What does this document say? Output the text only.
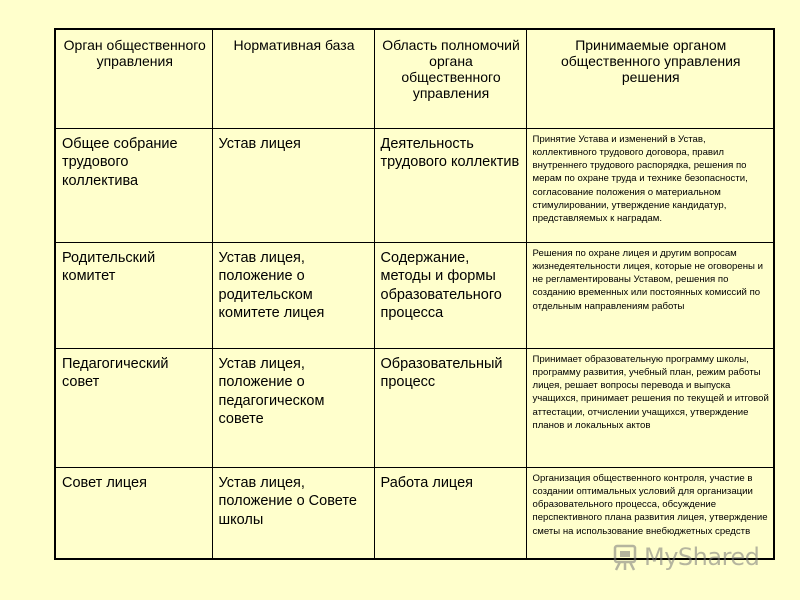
Орган общественного управления	Нормативная база	Область полномочий органа общественного управления	Принимаемые органом общественного управления решения
Общее собрание трудового коллектива	Устав лицея	Деятельность трудового коллектив	Принятие Устава и изменений в Устав, коллективного трудового договора, правил внутреннего трудового распорядка, решения по мерам по охране труда и технике безопасности, согласование положения о материальном стимулировании, утверждение кандидатур, представляемых к наградам.
Родительский комитет	Устав лицея, положение о родительском комитете лицея	Содержание, методы и формы образовательного процесса	Решения по охране лицея и другим вопросам жизнедеятельности лицея, которые не оговорены и не регламентированы Уставом, решения по созданию временных или постоянных комиссий по отдельным направлениям работы
Педагогический совет	Устав лицея, положение о педагогическом совете	Образовательный процесс	Принимает образовательную программу школы, программу развития, учебный план, режим работы лицея, решает вопросы перевода и выпуска учащихся, принимает решения по текущей и итговой аттестации, отчислении учащихся, утверждение планов и локальных актов
Совет лицея	Устав лицея, положение о Совете школы	Работа лицея	Организация общественного контроля, участие в создании оптимальных условий для организации образовательного процесса, обсуждение перспективного плана развития лицея, утверждение сметы на использование внебюджетных средств
MyShared
